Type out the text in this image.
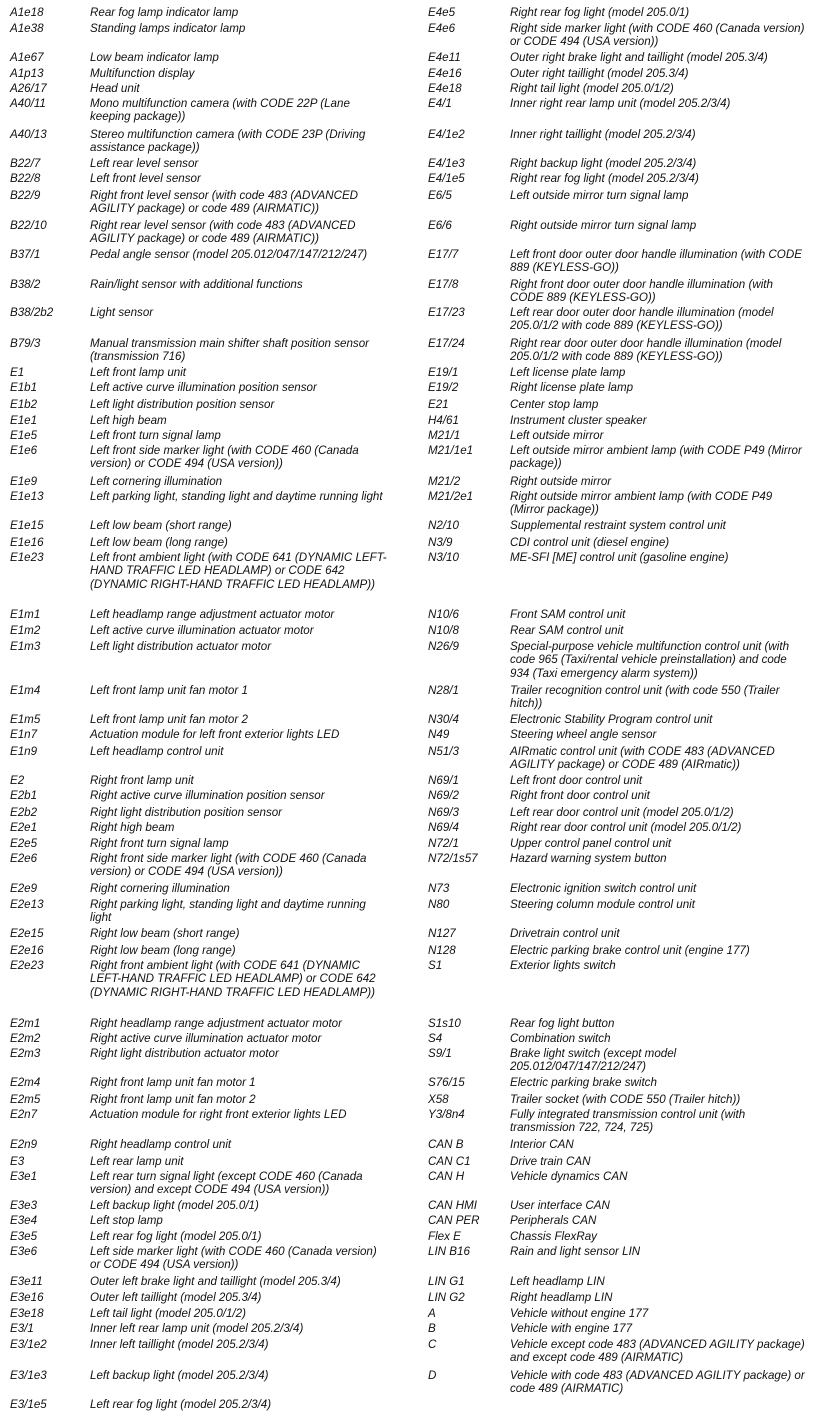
A1e18	Rear fog lamp indicator lamp
A1e38	Standing lamps indicator lamp
A1e67	Low beam indicator lamp
A1p13	Multifunction display
A26/17	Head unit
A40/11	Mono multifunction camera (with CODE 22P (Lane keeping package))
A40/13	Stereo multifunction camera (with CODE 23P (Driving assistance package))
B22/7	Left rear level sensor
B22/8	Left front level sensor
B22/9	Right front level sensor (with code 483 (ADVANCED AGILITY package) or code 489 (AIRMATIC))
B22/10	Right rear level sensor (with code 483 (ADVANCED AGILITY package) or code 489 (AIRMATIC))
B37/1	Pedal angle sensor (model 205.012/047/147/212/247)
B38/2	Rain/light sensor with additional functions
B38/2b2	Light sensor
B79/3	Manual transmission main shifter shaft position sensor (transmission 716)
E1	Left front lamp unit
E1b1	Left active curve illumination position sensor
E1b2	Left light distribution position sensor
E1e1	Left high beam
E1e5	Left front turn signal lamp
E1e6	Left front side marker light (with CODE 460 (Canada version) or CODE 494 (USA version))
E1e9	Left cornering illumination
E1e13	Left parking light, standing light and daytime running light
E1e15	Left low beam (short range)
E1e16	Left low beam (long range)
E1e23	Left front ambient light (with CODE 641 (DYNAMIC LEFT-HAND TRAFFIC LED HEADLAMP) or CODE 642 (DYNAMIC RIGHT-HAND TRAFFIC LED HEADLAMP))
E1m1	Left headlamp range adjustment actuator motor
E1m2	Left active curve illumination actuator motor
E1m3	Left light distribution actuator motor
E1m4	Left front lamp unit fan motor 1
E1m5	Left front lamp unit fan motor 2
E1n7	Actuation module for left front exterior lights LED
E1n9	Left headlamp control unit
E2	Right front lamp unit
E2b1	Right active curve illumination position sensor
E2b2	Right light distribution position sensor
E2e1	Right high beam
E2e5	Right front turn signal lamp
E2e6	Right front side marker light (with CODE 460 (Canada version) or CODE 494 (USA version))
E2e9	Right cornering illumination
E2e13	Right parking light, standing light and daytime running light
E2e15	Right low beam (short range)
E2e16	Right low beam (long range)
E2e23	Right front ambient light (with CODE 641 (DYNAMIC LEFT-HAND TRAFFIC LED HEADLAMP) or CODE 642 (DYNAMIC RIGHT-HAND TRAFFIC LED HEADLAMP))
E2m1	Right headlamp range adjustment actuator motor
E2m2	Right active curve illumination actuator motor
E2m3	Right light distribution actuator motor
E2m4	Right front lamp unit fan motor 1
E2m5	Right front lamp unit fan motor 2
E2n7	Actuation module for right front exterior lights LED
E2n9	Right headlamp control unit
E3	Left rear lamp unit
E3e1	Left rear turn signal light (except CODE 460 (Canada version) and except CODE 494 (USA version))
E3e3	Left backup light (model 205.0/1)
E3e4	Left stop lamp
E3e5	Left rear fog light (model 205.0/1)
E3e6	Left side marker light (with CODE 460 (Canada version) or CODE 494 (USA version))
E3e11	Outer left brake light and taillight (model 205.3/4)
E3e16	Outer left taillight (model 205.3/4)
E3e18	Left tail light (model 205.0/1/2)
E3/1	Inner left rear lamp unit (model 205.2/3/4)
E3/1e2	Inner left taillight (model 205.2/3/4)
E3/1e3	Left backup light (model 205.2/3/4)
E3/1e5	Left rear fog light (model 205.2/3/4)
E4e5	Right rear fog light (model 205.0/1)
E4e6	Right side marker light (with CODE 460 (Canada version) or CODE 494 (USA version))
E4e11	Outer right brake light and taillight (model 205.3/4)
E4e16	Outer right taillight (model 205.3/4)
E4e18	Right tail light (model 205.0/1/2)
E4/1	Inner right rear lamp unit (model 205.2/3/4)
E4/1e2	Inner right taillight (model 205.2/3/4)
E4/1e3	Right backup light (model 205.2/3/4)
E4/1e5	Right rear fog light (model 205.2/3/4)
E6/5	Left outside mirror turn signal lamp
E6/6	Right outside mirror turn signal lamp
E17/7	Left front door outer door handle illumination (with CODE 889 (KEYLESS-GO))
E17/8	Right front door outer door handle illumination (with CODE 889 (KEYLESS-GO))
E17/23	Left rear door outer door handle illumination (model 205.0/1/2 with code 889 (KEYLESS-GO))
E17/24	Right rear door outer door handle illumination (model 205.0/1/2 with code 889 (KEYLESS-GO))
E19/1	Left license plate lamp
E19/2	Right license plate lamp
E21	Center stop lamp
H4/61	Instrument cluster speaker
M21/1	Left outside mirror
M21/1e1	Left outside mirror ambient lamp (with CODE P49 (Mirror package))
M21/2	Right outside mirror
M21/2e1	Right outside mirror ambient lamp (with CODE P49 (Mirror package))
N2/10	Supplemental restraint system control unit
N3/9	CDI control unit (diesel engine)
N3/10	ME-SFI [ME] control unit (gasoline engine)
N10/6	Front SAM control unit
N10/8	Rear SAM control unit
N26/9	Special-purpose vehicle multifunction control unit (with code 965 (Taxi/rental vehicle preinstallation) and code 934 (Taxi emergency alarm system))
N28/1	Trailer recognition control unit (with code 550 (Trailer hitch))
N30/4	Electronic Stability Program control unit
N49	Steering wheel angle sensor
N51/3	AIRmatic control unit (with CODE 483 (ADVANCED AGILITY package) or CODE 489 (AIRmatic))
N69/1	Left front door control unit
N69/2	Right front door control unit
N69/3	Left rear door control unit (model 205.0/1/2)
N69/4	Right rear door control unit (model 205.0/1/2)
N72/1	Upper control panel control unit
N72/1s57	Hazard warning system button
N73	Electronic ignition switch control unit
N80	Steering column module control unit
N127	Drivetrain control unit
N128	Electric parking brake control unit (engine 177)
S1	Exterior lights switch
S1s10	Rear fog light button
S4	Combination switch
S9/1	Brake light switch (except model 205.012/047/147/212/247)
S76/15	Electric parking brake switch
X58	Trailer socket (with CODE 550 (Trailer hitch))
Y3/8n4	Fully integrated transmission control unit (with transmission 722, 724, 725)
CAN B	Interior CAN
CAN C1	Drive train CAN
CAN H	Vehicle dynamics CAN
CAN HMI	User interface CAN
CAN PER	Peripherals CAN
Flex E	Chassis FlexRay
LIN B16	Rain and light sensor LIN
LIN G1	Left headlamp LIN
LIN G2	Right headlamp LIN
A	Vehicle without engine 177
B	Vehicle with engine 177
C	Vehicle except code 483 (ADVANCED AGILITY package) and except code 489 (AIRMATIC)
D	Vehicle with code 483 (ADVANCED AGILITY package) or code 489 (AIRMATIC)
